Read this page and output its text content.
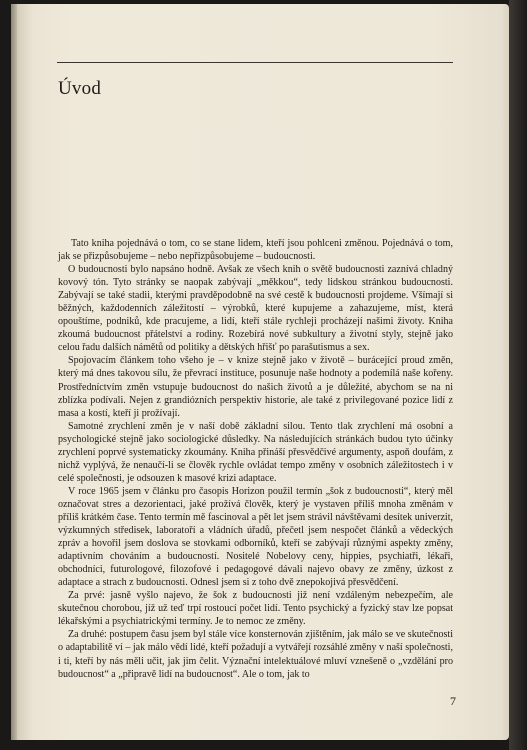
Úvod

Tato kniha pojednává o tom, co se stane lidem, kteří jsou pohlceni změnou. Pojednává o tom, jak se přizpůsobujeme – nebo nepřizpůsobujeme – budoucnosti.

O budoucnosti bylo napsáno hodně. Avšak ze všech knih o světě budoucnosti zaznívá chladný kovový tón. Tyto stránky se naopak zabývají „měkkou“, tedy lidskou stránkou budoucnosti. Zabývají se také stadii, kterými pravděpodobně na své cestě k budoucnosti projdeme. Všímají si běžných, každodenních záležitostí – výrobků, které kupujeme a zahazujeme, míst, která opouštíme, podniků, kde pracujeme, a lidí, kteří stále rychleji procházejí našimi životy. Kniha zkoumá budoucnost přátelství a rodiny. Rozebírá nové subkultury a životní styly, stejně jako celou řadu dalších námětů od politiky a dětských hřišť po parašutismus a sex.

Spojovacím článkem toho všeho je – v knize stejně jako v životě – burácející proud změn, který má dnes takovou sílu, že převrací instituce, posunuje naše hodnoty a podemílá naše kořeny. Prostředníctvím změn vstupuje budoucnost do našich životů a je důležité, abychom se na ni zblízka podívali. Nejen z grandiózních perspektiv historie, ale také z privilegované pozice lidí z masa a kostí, kteří ji prožívají.

Samotné zrychlení změn je v naší době základní silou. Tento tlak zrychlení má osobní a psychologické stejně jako sociologické důsledky. Na následujících stránkách budou tyto účinky zrychlení poprvé systematicky zkoumány. Kniha přináší přesvědčivé argumenty, aspoň doufám, z nichž vyplývá, že nenaučí-li se člověk rychle ovládat tempo změny v osobních záležitostech i v celé společnosti, je odsouzen k masové krizi adaptace.

V roce 1965 jsem v článku pro časopis Horizon použil termín „šok z budoucnosti“, který měl označovat stres a dezorientaci, jaké prožívá člověk, který je vystaven příliš mnoha změnám v příliš krátkém čase. Tento termín mě fascinoval a pět let jsem strávil návštěvami desítek univerzit, výzkumných středisek, laboratoří a vládních úřadů, přečetl jsem nespočet článků a vědeckých zpráv a hovořil jsem doslova se stovkami odborníků, kteří se zabývají různými aspekty změny, adaptivním chováním a budoucností. Nositelé Nobelovy ceny, hippies, psychiatři, lékaři, obchodníci, futurologové, filozofové i pedagogové dávali najevo obavy ze změny, úzkost z adaptace a strach z budoucnosti. Odnesl jsem si z toho dvě znepokojivá přesvědčení.

Za prvé: jasně vyšlo najevo, že šok z budoucnosti již není vzdáleným nebezpečím, ale skutečnou chorobou, jíž už teď trpí rostoucí počet lidí. Tento psychický a fyzický stav lze popsat lékařskými a psychiatrickými termíny. Je to nemoc ze změny.

Za druhé: postupem času jsem byl stále více konsternován zjištěním, jak málo se ve skutečnosti o adaptabilitě ví – jak málo vědí lidé, kteří požadují a vytvářejí rozsáhlé změny v naší společnosti, i ti, kteří by nás měli učit, jak jim čelit. Význační intelektuálové mluví vznešeně o „vzdělání pro budoucnost“ a „připravě lidí na budoucnost“. Ale o tom, jak to

7
